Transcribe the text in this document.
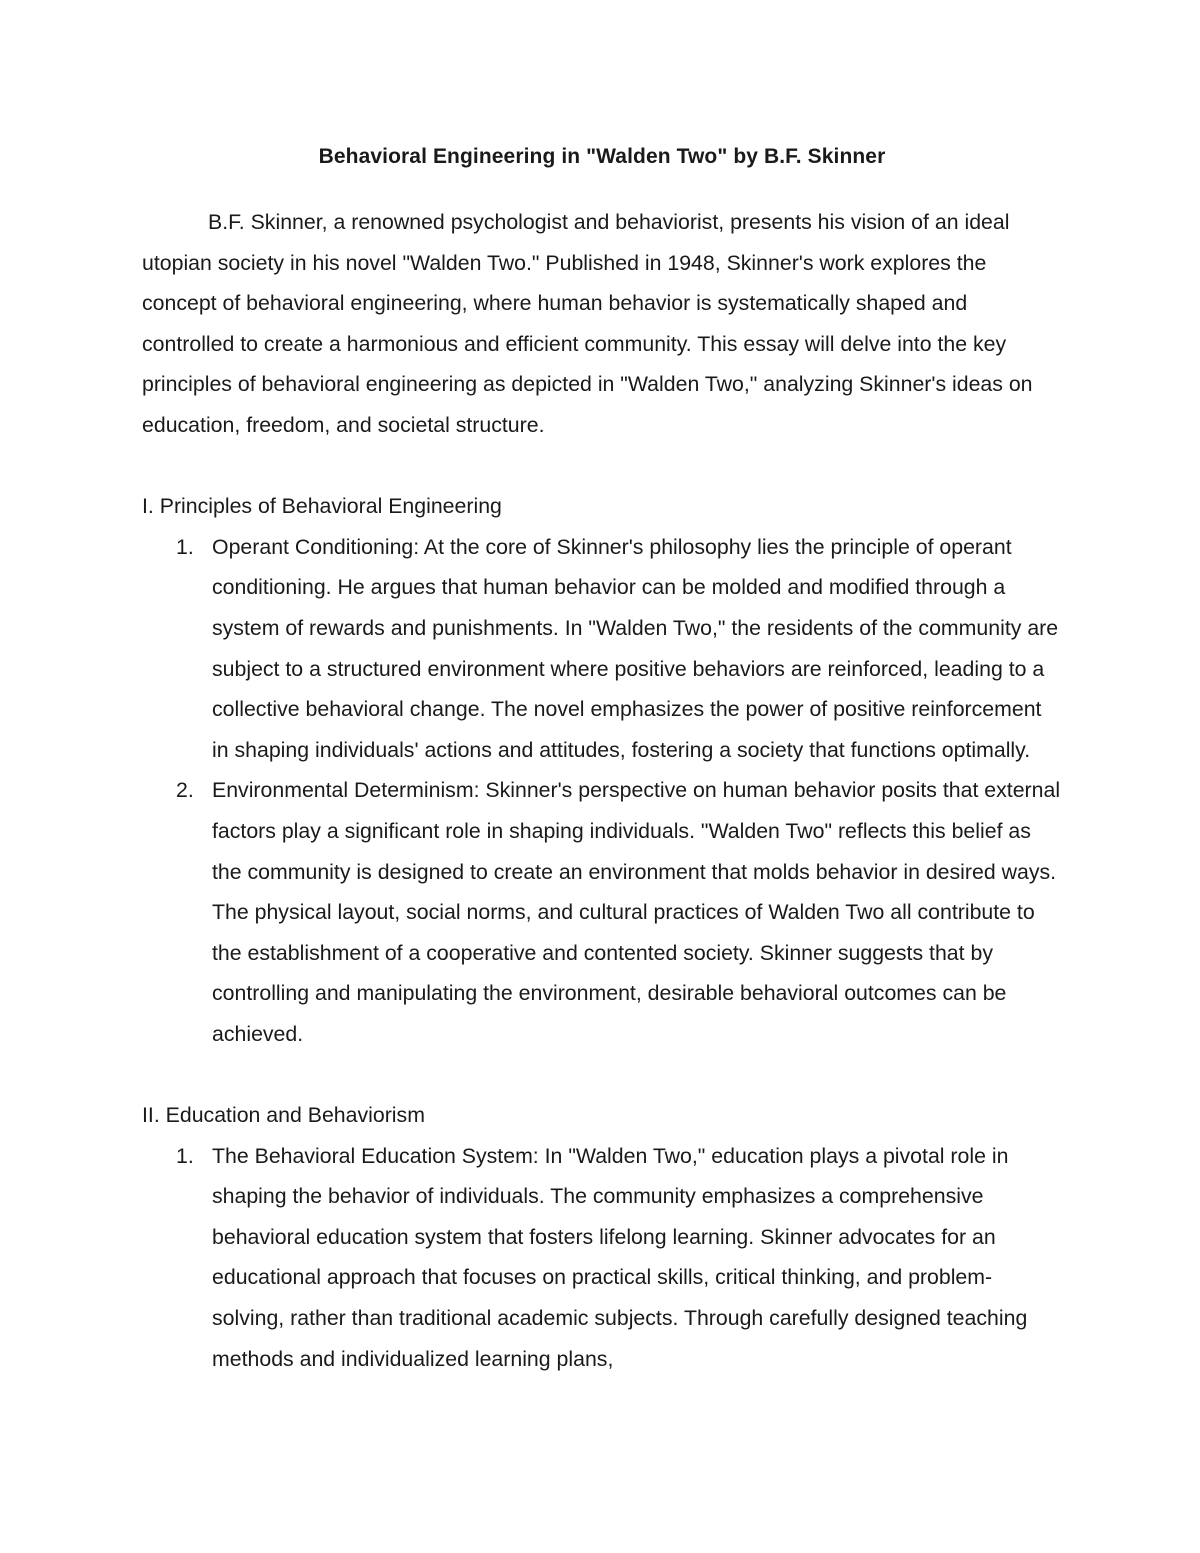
Behavioral Engineering in "Walden Two" by B.F. Skinner

B.F. Skinner, a renowned psychologist and behaviorist, presents his vision of an ideal utopian society in his novel "Walden Two." Published in 1948, Skinner's work explores the concept of behavioral engineering, where human behavior is systematically shaped and controlled to create a harmonious and efficient community. This essay will delve into the key principles of behavioral engineering as depicted in "Walden Two," analyzing Skinner's ideas on education, freedom, and societal structure.

I. Principles of Behavioral Engineering

1. Operant Conditioning: At the core of Skinner's philosophy lies the principle of operant conditioning. He argues that human behavior can be molded and modified through a system of rewards and punishments. In "Walden Two," the residents of the community are subject to a structured environment where positive behaviors are reinforced, leading to a collective behavioral change. The novel emphasizes the power of positive reinforcement in shaping individuals' actions and attitudes, fostering a society that functions optimally.
2. Environmental Determinism: Skinner's perspective on human behavior posits that external factors play a significant role in shaping individuals. "Walden Two" reflects this belief as the community is designed to create an environment that molds behavior in desired ways. The physical layout, social norms, and cultural practices of Walden Two all contribute to the establishment of a cooperative and contented society. Skinner suggests that by controlling and manipulating the environment, desirable behavioral outcomes can be achieved.

II. Education and Behaviorism

1. The Behavioral Education System: In "Walden Two," education plays a pivotal role in shaping the behavior of individuals. The community emphasizes a comprehensive behavioral education system that fosters lifelong learning. Skinner advocates for an educational approach that focuses on practical skills, critical thinking, and problem-solving, rather than traditional academic subjects. Through carefully designed teaching methods and individualized learning plans,
